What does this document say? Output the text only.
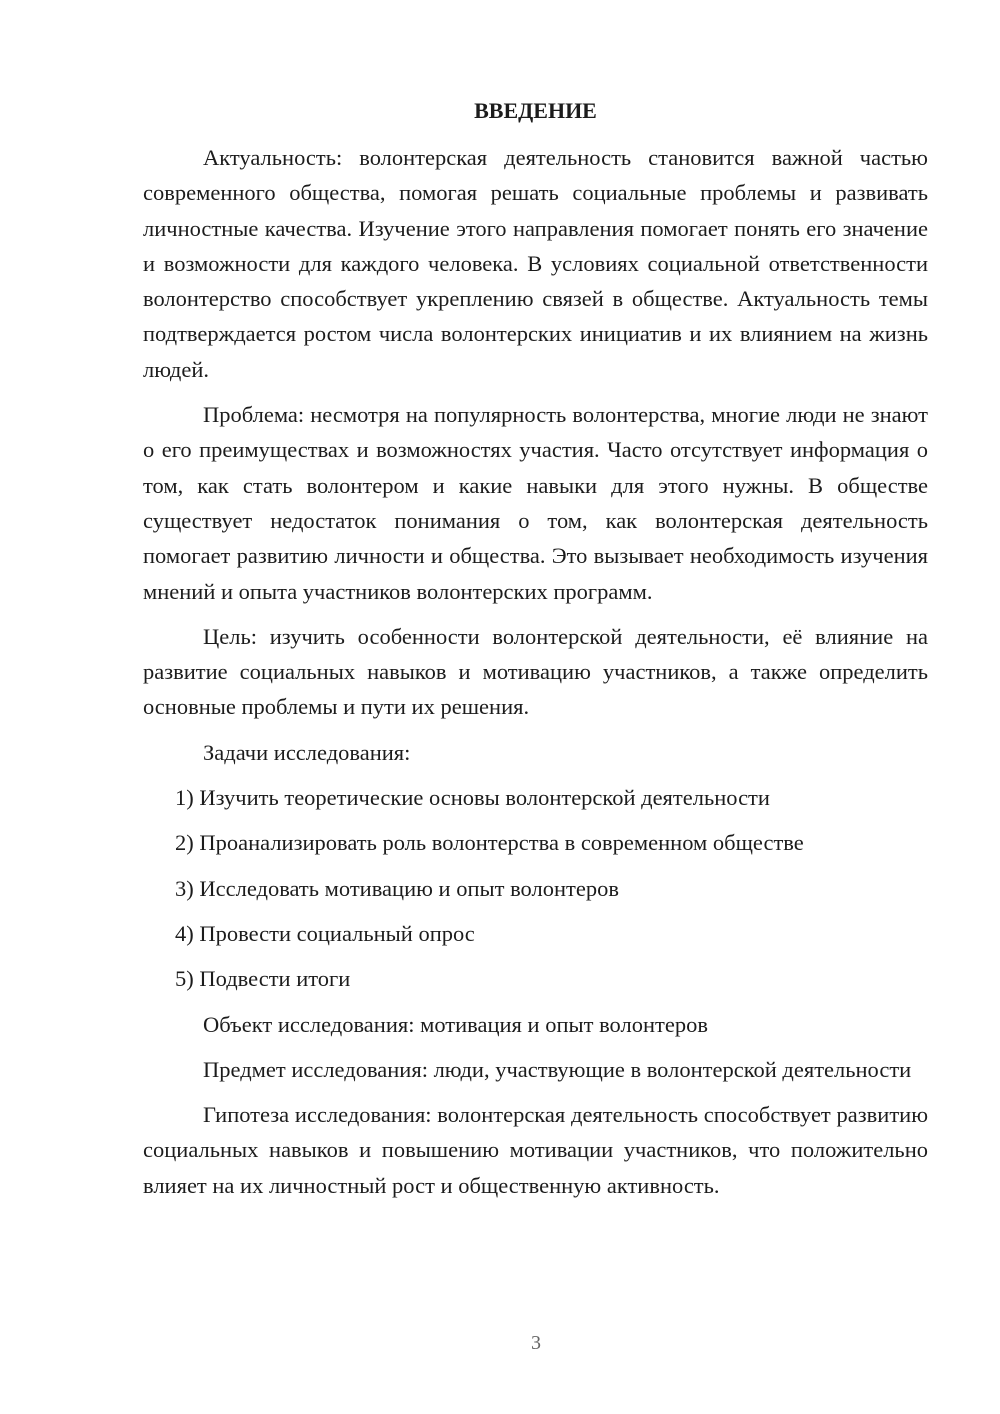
ВВЕДЕНИЕ

Актуальность: волонтерская деятельность становится важной частью современного общества, помогая решать социальные проблемы и развивать личностные качества. Изучение этого направления помогает понять его значение и возможности для каждого человека. В условиях социальной ответственности волонтерство способствует укреплению связей в обществе. Актуальность темы подтверждается ростом числа волонтерских инициатив и их влиянием на жизнь людей.

Проблема: несмотря на популярность волонтерства, многие люди не знают о его преимуществах и возможностях участия. Часто отсутствует информация о том, как стать волонтером и какие навыки для этого нужны. В обществе существует недостаток понимания о том, как волонтерская деятельность помогает развитию личности и общества. Это вызывает необходимость изучения мнений и опыта участников волонтерских программ.

Цель: изучить особенности волонтерской деятельности, её влияние на развитие социальных навыков и мотивацию участников, а также определить основные проблемы и пути их решения.

Задачи исследования:

1) Изучить теоретические основы волонтерской деятельности

2) Проанализировать роль волонтерства в современном обществе

3) Исследовать мотивацию и опыт волонтеров

4) Провести социальный опрос

5) Подвести итоги

Объект исследования: мотивация и опыт волонтеров

Предмет исследования: люди, участвующие в волонтерской деятельности

Гипотеза исследования: волонтерская деятельность способствует развитию социальных навыков и повышению мотивации участников, что положительно влияет на их личностный рост и общественную активность.

3
